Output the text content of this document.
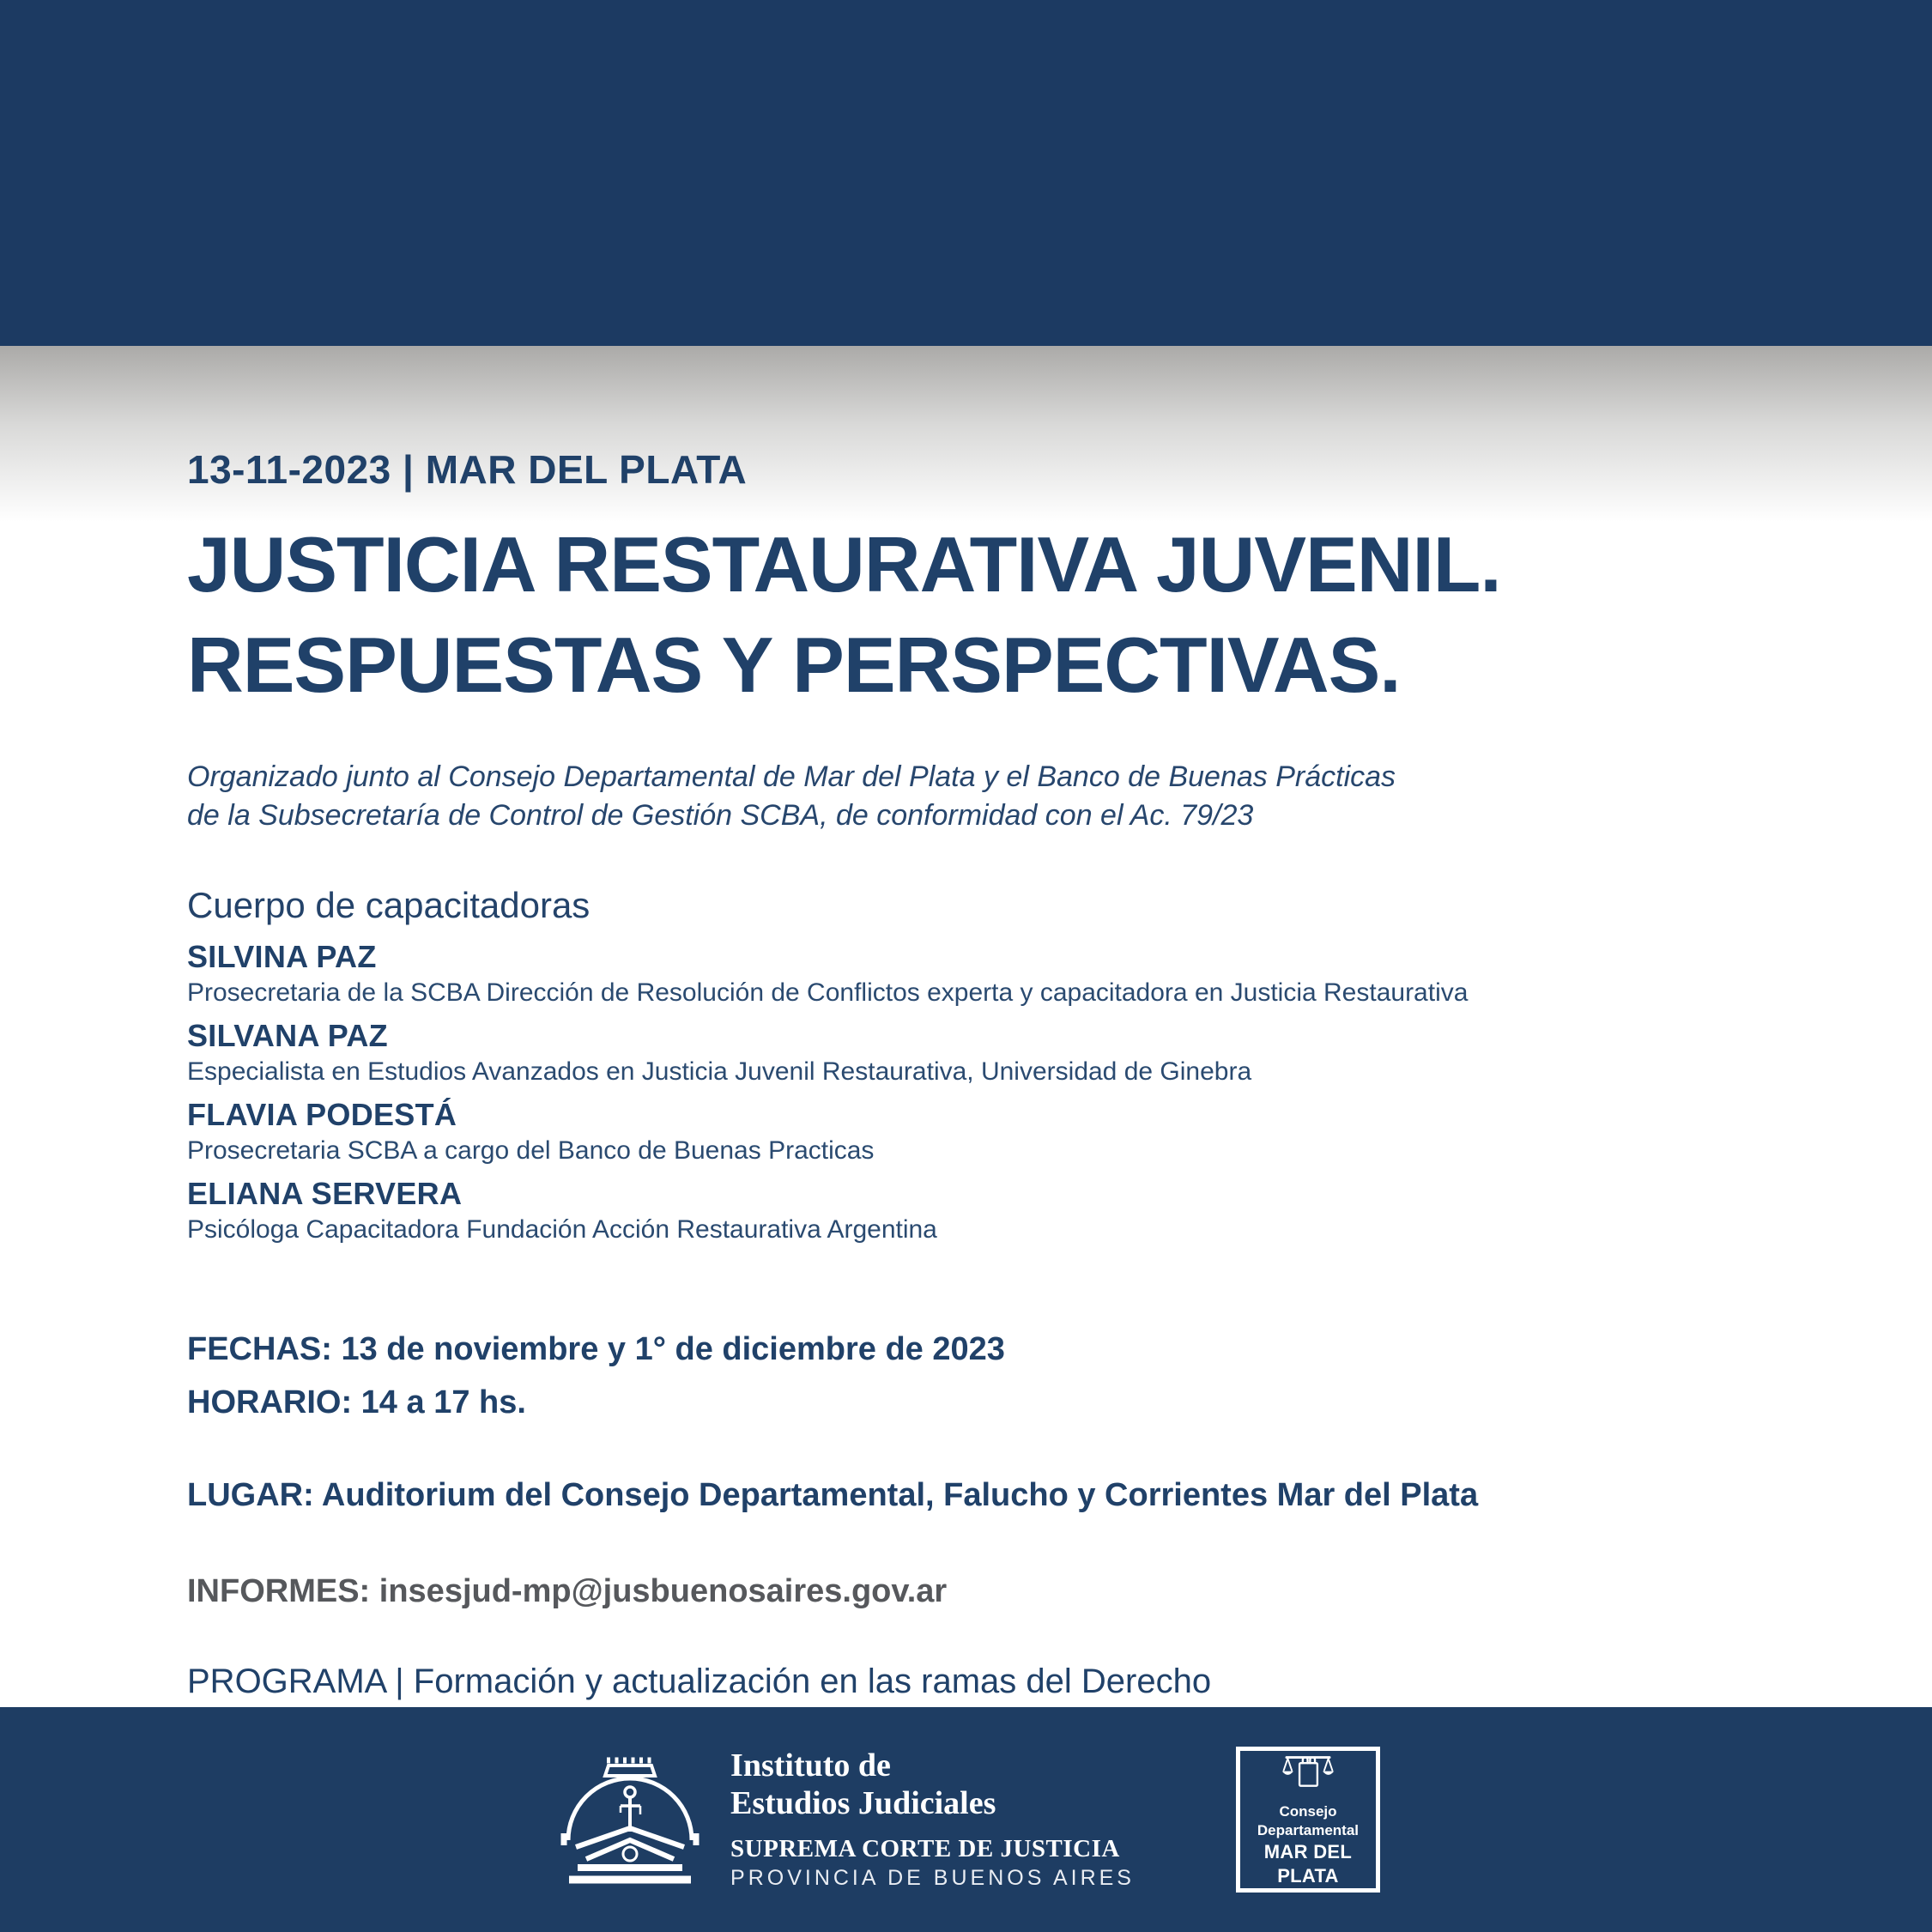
13-11-2023 | MAR DEL PLATA
JUSTICIA RESTAURATIVA JUVENIL.
RESPUESTAS Y PERSPECTIVAS.

Organizado junto al Consejo Departamental de Mar del Plata y el Banco de Buenas Prácticas
de la Subsecretaría de Control de Gestión SCBA, de conformidad con el Ac. 79/23

Cuerpo de capacitadoras
SILVINA PAZ
Prosecretaria de la SCBA Dirección de Resolución de Conflictos experta y capacitadora en Justicia Restaurativa
SILVANA PAZ
Especialista en Estudios Avanzados en Justicia Juvenil Restaurativa, Universidad de Ginebra
FLAVIA PODESTÁ
Prosecretaria SCBA a cargo del Banco de Buenas Practicas
ELIANA SERVERA
Psicóloga Capacitadora Fundación Acción Restaurativa Argentina
FECHAS: 13 de noviembre y 1° de diciembre de 2023
HORARIO: 14 a 17 hs.
LUGAR: Auditorium del Consejo Departamental, Falucho y Corrientes Mar del Plata
INFORMES: insesjud-mp@jusbuenosaires.gov.ar
PROGRAMA | Formación y actualización en las ramas del Derecho
Instituto de
Estudios Judiciales
SUPREMA CORTE DE JUSTICIA
PROVINCIA DE BUENOS AIRES
Consejo
Departamental
MAR DEL PLATA
